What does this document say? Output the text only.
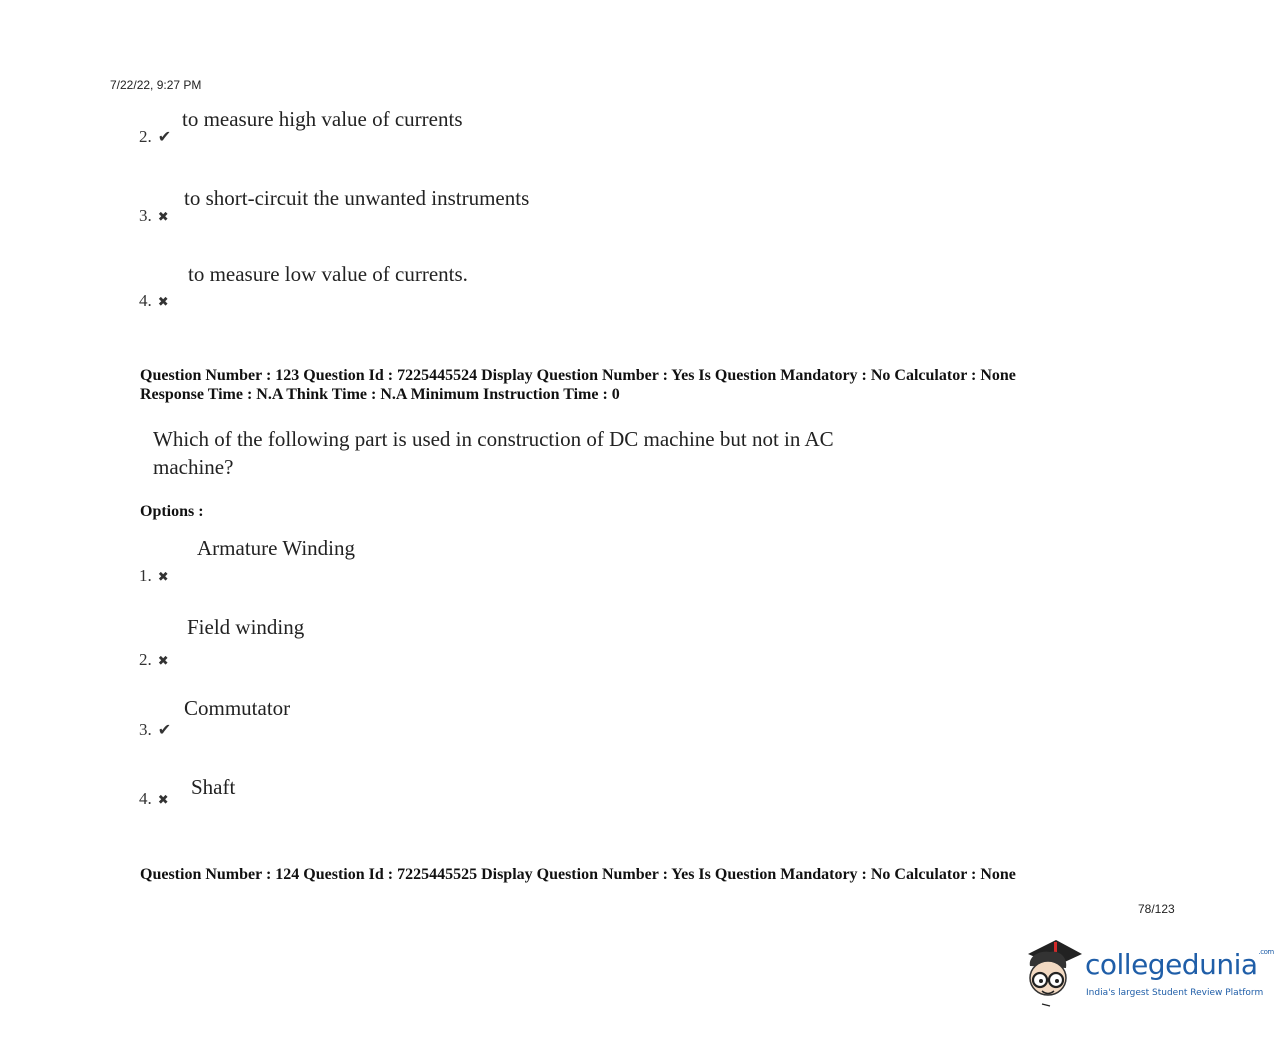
7/22/22, 9:27 PM
to measure high value of currents
2. ✔
to short-circuit the unwanted instruments
3. ✖
to measure low value of currents.
4. ✖
Question Number : 123 Question Id : 7225445524 Display Question Number : Yes Is Question Mandatory : No Calculator : None
Response Time : N.A Think Time : N.A Minimum Instruction Time : 0
Which of the following part is used in construction of DC machine but not in AC
machine?
Options :
Armature Winding
1. ✖
Field winding
2. ✖
Commutator
3. ✔
Shaft
4. ✖
Question Number : 124 Question Id : 7225445525 Display Question Number : Yes Is Question Mandatory : No Calculator : None
78/123
collegedunia$^{.com}$
India's largest Student Review Platform
